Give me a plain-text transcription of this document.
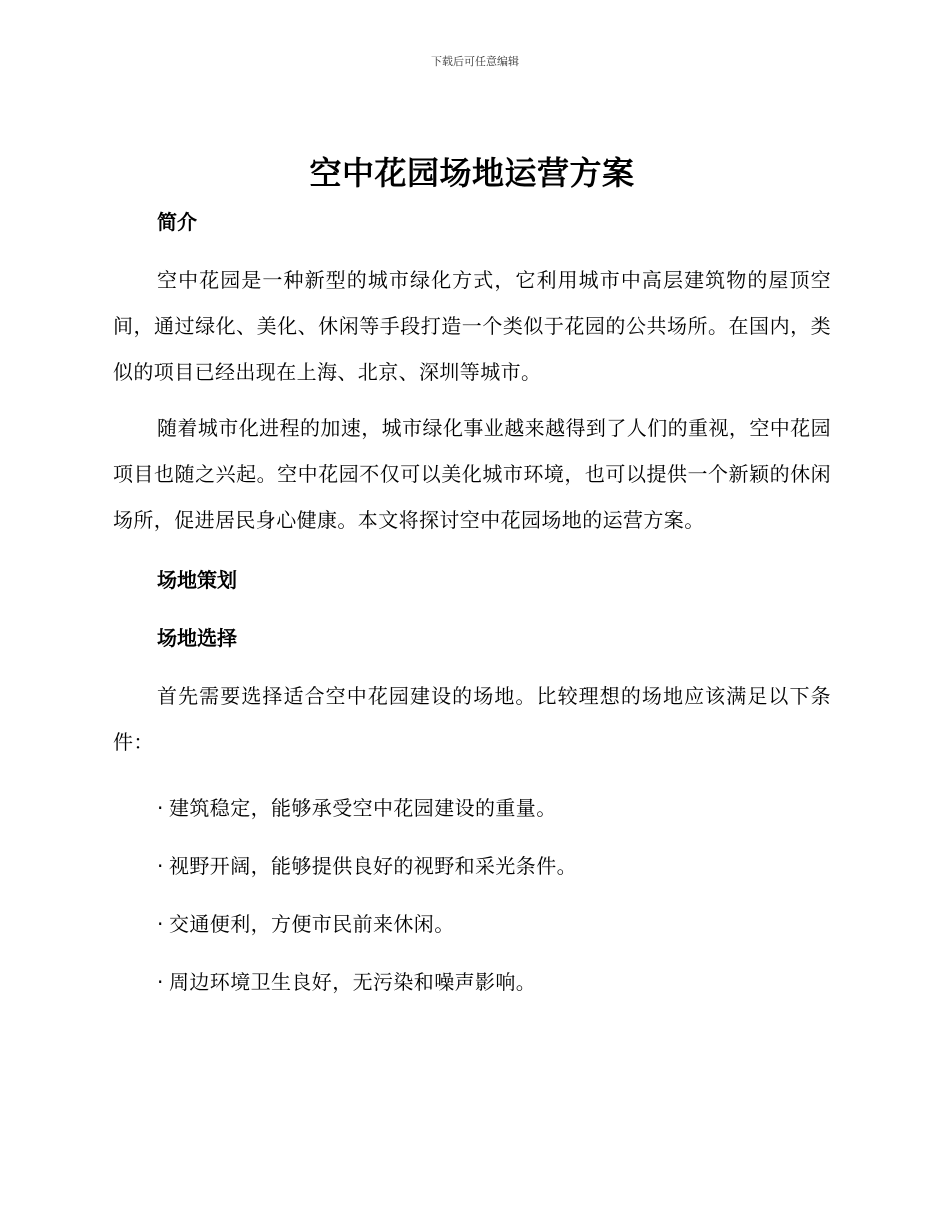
下载后可任意编辑
空中花园场地运营方案
简介

空中花园是一种新型的城市绿化方式，它利用城市中高层建筑物的屋顶空间，通过绿化、美化、休闲等手段打造一个类似于花园的公共场所。在国内，类似的项目已经出现在上海、北京、深圳等城市。

随着城市化进程的加速，城市绿化事业越来越得到了人们的重视，空中花园项目也随之兴起。空中花园不仅可以美化城市环境，也可以提供一个新颖的休闲场所，促进居民身心健康。本文将探讨空中花园场地的运营方案。

场地策划
场地选择

首先需要选择适合空中花园建设的场地。比较理想的场地应该满足以下条件：

· 建筑稳定，能够承受空中花园建设的重量。

· 视野开阔，能够提供良好的视野和采光条件。

· 交通便利，方便市民前来休闲。

· 周边环境卫生良好，无污染和噪声影响。
